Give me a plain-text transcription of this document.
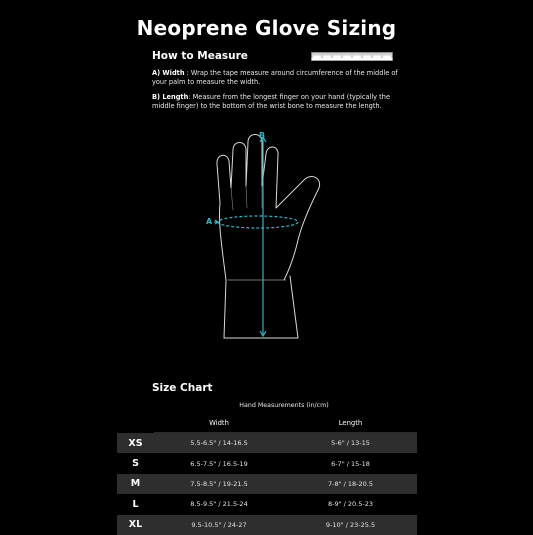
Neoprene Glove Sizing
How to Measure
A) Width : Wrap the tape measure around circumference of the middle of your palm to measure the width.
B) Length: Measure from the longest finger on your hand (typically the middle finger) to the bottom of the wrist bone to measure the length.
B
A
Size Chart
Hand Measurements (in/cm)
Width	Length
XS	5.5-6.5" / 14-16.5	5-6" / 13-15
S	6.5-7.5" / 16.5-19	6-7" / 15-18
M	7.5-8.5" / 19-21.5	7-8" / 18-20.5
L	8.5-9.5" / 21.5-24	8-9" / 20.5-23
XL	9.5-10.5" / 24-27	9-10" / 23-25.5
